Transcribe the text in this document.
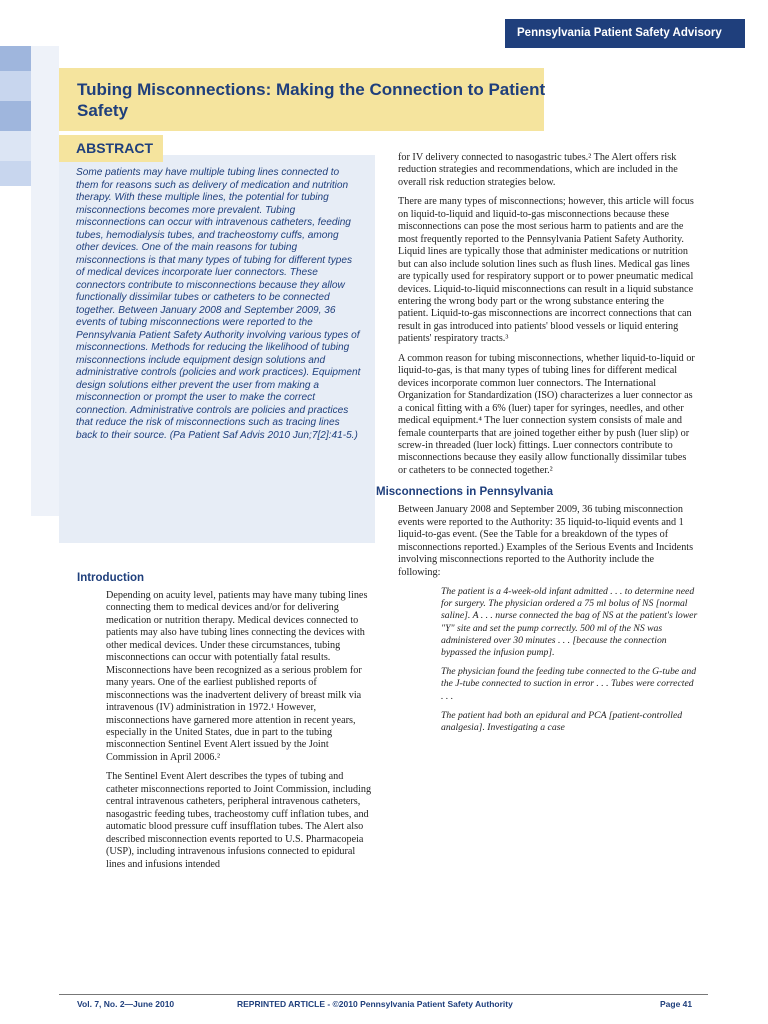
Pennsylvania Patient Safety Advisory
Tubing Misconnections: Making the Connection to Patient Safety

Some patients may have multiple tubing lines connected to them for reasons such as delivery of medication and nutrition therapy. With these multiple lines, the potential for tubing misconnections becomes more prevalent. Tubing misconnections can occur with intravenous catheters, feeding tubes, hemodialysis tubes, and tracheostomy cuffs, among other devices. One of the main reasons for tubing misconnections is that many types of tubing for different types of medical devices incorporate luer connectors. These connectors contribute to misconnections because they allow functionally dissimilar tubes or catheters to be connected together. Between January 2008 and September 2009, 36 events of tubing misconnections were reported to the Pennsylvania Patient Safety Authority involving various types of misconnections. Methods for reducing the likelihood of tubing misconnections include equipment design solutions and administrative controls (policies and work practices). Equipment design solutions either prevent the user from making a misconnection or prompt the user to make the correct connection. Administrative controls are policies and practices that reduce the risk of misconnections such as tracing lines back to their source. (Pa Patient Saf Advis 2010 Jun;7[2]:41-5.)

ABSTRACT
Introduction

Depending on acuity level, patients may have many tubing lines connecting them to medical devices and/or for delivering medication or nutrition therapy. Medical devices connected to patients may also have tubing lines connecting the devices with other medical devices. Under these circumstances, tubing misconnections can occur with potentially fatal results. Misconnections have been recognized as a serious problem for many years. One of the earliest published reports of misconnections was the inadvertent delivery of breast milk via intravenous (IV) administration in 1972.¹ However, misconnections have garnered more attention in recent years, especially in the United States, due in part to the tubing misconnection Sentinel Event Alert issued by the Joint Commission in April 2006.²

The Sentinel Event Alert describes the types of tubing and catheter misconnections reported to Joint Commission, including central intravenous catheters, peripheral intravenous catheters, nasogastric feeding tubes, tracheostomy cuff inflation tubes, and automatic blood pressure cuff insufflation tubes. The Alert also described misconnection events reported to U.S. Pharmacopeia (USP), including intravenous infusions connected to epidural lines and infusions intended

for IV delivery connected to nasogastric tubes.² The Alert offers risk reduction strategies and recommendations, which are included in the overall risk reduction strategies below.

There are many types of misconnections; however, this article will focus on liquid-to-liquid and liquid-to-gas misconnections because these misconnections can pose the most serious harm to patients and are the most frequently reported to the Pennsylvania Patient Safety Authority. Liquid lines are typically those that administer medications or nutrition but can also include solution lines such as flush lines. Medical gas lines are typically used for respiratory support or to power pneumatic medical devices. Liquid-to-liquid misconnections can result in a liquid substance entering the wrong body part or the wrong substance entering the patient. Liquid-to-gas misconnections are incorrect connections that can result in gas introduced into patients' blood vessels or liquid entering patients' respiratory tracts.³

A common reason for tubing misconnections, whether liquid-to-liquid or liquid-to-gas, is that many types of tubing lines for different medical devices incorporate common luer connectors. The International Organization for Standardization (ISO) characterizes a luer connector as a conical fitting with a 6% (luer) taper for syringes, needles, and other medical equipment.⁴ The luer connection system consists of male and female counterparts that are joined together either by push (luer slip) or screw-in threaded (luer lock) fittings. Luer connectors contribute to misconnections because they easily allow functionally dissimilar tubes or catheters to be connected together.²

Misconnections in Pennsylvania

Between January 2008 and September 2009, 36 tubing misconnection events were reported to the Authority: 35 liquid-to-liquid events and 1 liquid-to-gas event. (See the Table for a breakdown of the types of misconnections reported.) Examples of the Serious Events and Incidents involving misconnections reported to the Authority include the following:

The patient is a 4-week-old infant admitted . . . to determine need for surgery. The physician ordered a 75 ml bolus of NS [normal saline]. A . . . nurse connected the bag of NS at the patient's lower "Y" site and set the pump correctly. 500 ml of the NS was administered over 30 minutes . . . [because the connection bypassed the infusion pump].

The physician found the feeding tube connected to the G-tube and the J-tube connected to suction in error . . . Tubes were corrected . . .

The patient had both an epidural and PCA [patient-controlled analgesia]. Investigating a case

Vol. 7, No. 2—June 2010	REPRINTED ARTICLE - ©2010 Pennsylvania Patient Safety Authority	Page 41
